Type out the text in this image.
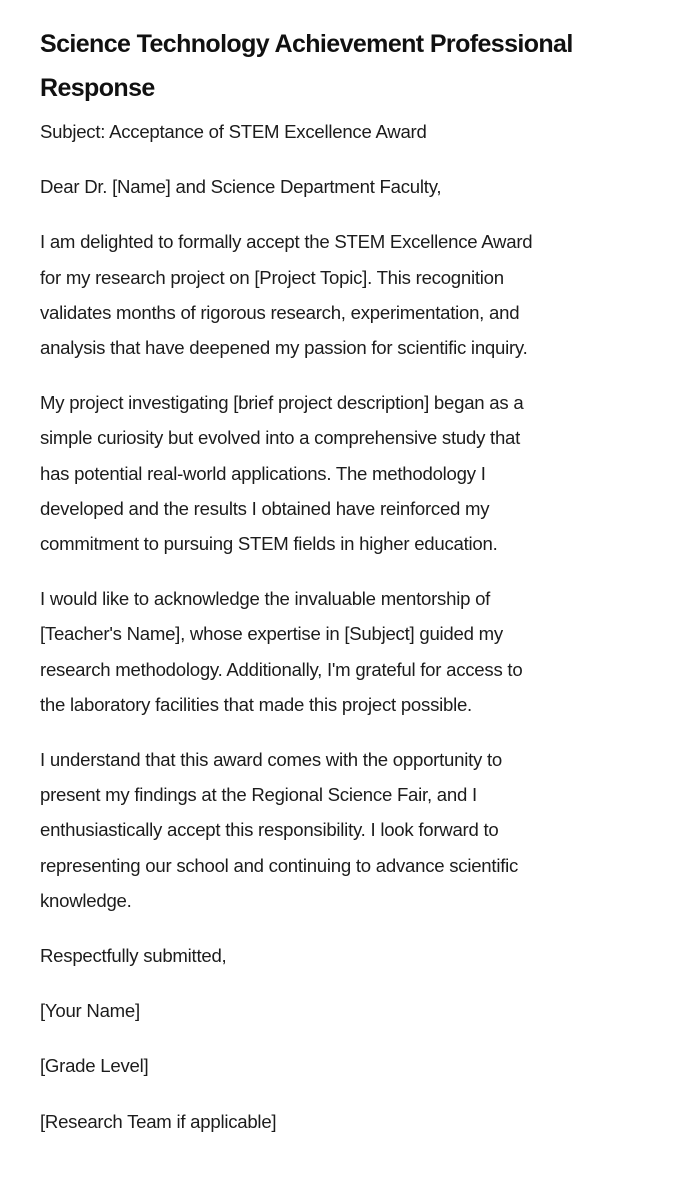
Science Technology Achievement Professional
Response

Subject: Acceptance of STEM Excellence Award

Dear Dr. [Name] and Science Department Faculty,

I am delighted to formally accept the STEM Excellence Award
for my research project on [Project Topic]. This recognition
validates months of rigorous research, experimentation, and
analysis that have deepened my passion for scientific inquiry.

My project investigating [brief project description] began as a
simple curiosity but evolved into a comprehensive study that
has potential real-world applications. The methodology I
developed and the results I obtained have reinforced my
commitment to pursuing STEM fields in higher education.

I would like to acknowledge the invaluable mentorship of
[Teacher's Name], whose expertise in [Subject] guided my
research methodology. Additionally, I'm grateful for access to
the laboratory facilities that made this project possible.

I understand that this award comes with the opportunity to
present my findings at the Regional Science Fair, and I
enthusiastically accept this responsibility. I look forward to
representing our school and continuing to advance scientific
knowledge.

Respectfully submitted,

[Your Name]

[Grade Level]

[Research Team if applicable]
